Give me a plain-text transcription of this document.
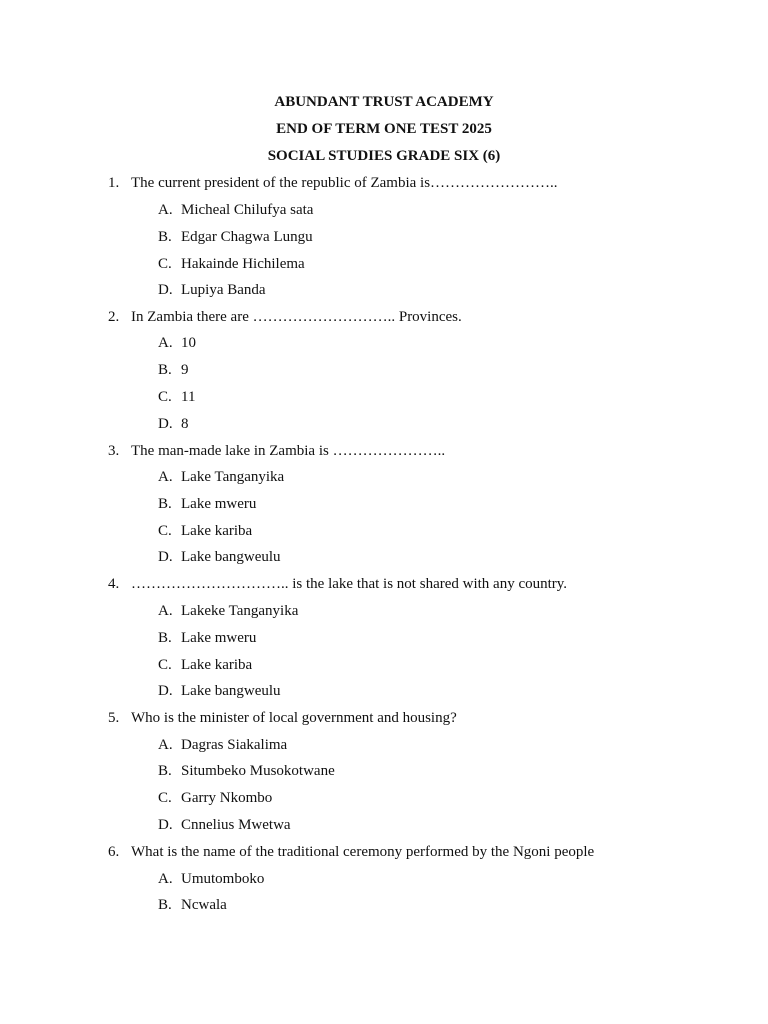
ABUNDANT TRUST ACADEMY
END OF TERM ONE TEST 2025
SOCIAL STUDIES GRADE SIX (6)
1. The current president of the republic of Zambia is……………………..
A. Micheal Chilufya sata
B. Edgar Chagwa Lungu
C. Hakainde Hichilema
D. Lupiya Banda
2. In Zambia there are ……………………….. Provinces.
A. 10
B. 9
C. 11
D. 8
3. The man-made lake in Zambia is …………………..
A. Lake Tanganyika
B. Lake mweru
C. Lake kariba
D. Lake bangweulu
4. ………………………….. is the lake that is not shared with any country.
A. Lakeke Tanganyika
B. Lake mweru
C. Lake kariba
D. Lake bangweulu
5. Who is the minister of local government and housing?
A. Dagras Siakalima
B. Situmbeko Musokotwane
C. Garry Nkombo
D. Cnnelius Mwetwa
6. What is the name of the traditional ceremony performed by the Ngoni people
A. Umutomboko
B. Ncwala
